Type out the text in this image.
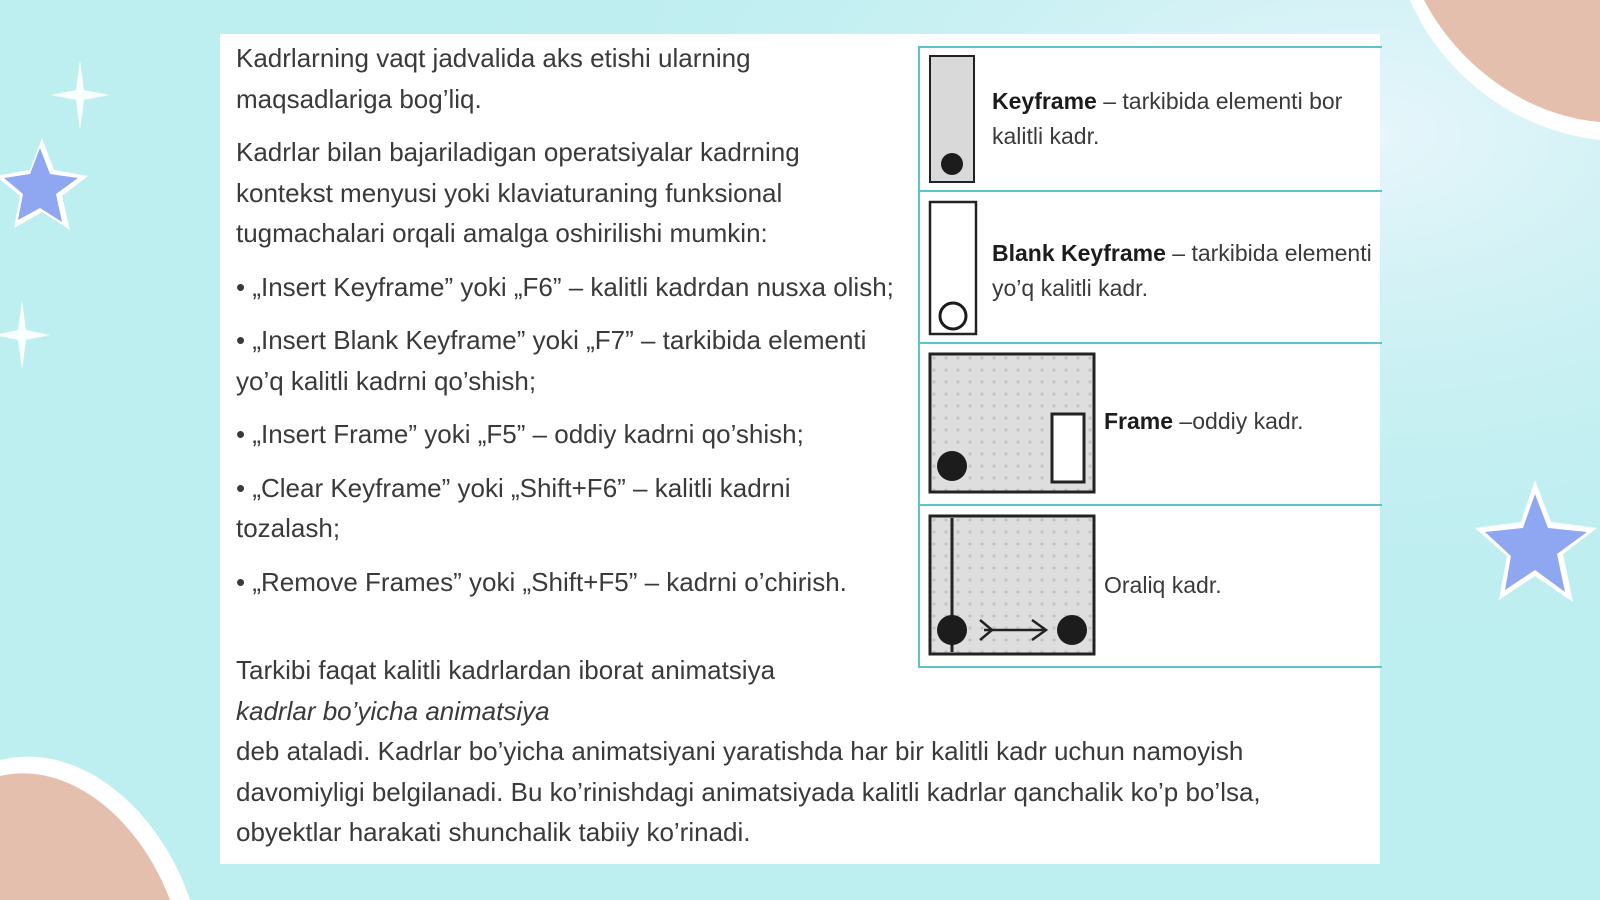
Kadrlarning vaqt jadvalida aks etishi ularning maqsadlariga bog’liq.

Kadrlar bilan bajariladigan operatsiyalar kadrning kontekst menyusi yoki klaviaturaning funksional tugmachalari orqali amalga oshirilishi mumkin:

• „Insert Keyframe” yoki „F6” – kalitli kadrdan nusxa olish;

• „Insert Blank Keyframe” yoki „F7” – tarkibida elementi yo’q kalitli kadrni qo’shish;

• „Insert Frame” yoki „F5” – oddiy kadrni qo’shish;

• „Clear Keyframe” yoki „Shift+F6” – kalitli kadrni tozalash;

• „Remove Frames” yoki „Shift+F5” – kadrni o’chirish.

Tarkibi faqat kalitli kadrlardan iborat animatsiya kadrlar bo’yicha animatsiya
deb ataladi. Kadrlar bo’yicha animatsiyani yaratishda har bir kalitli kadr uchun namoyish davomiyligi belgilanadi. Bu ko’rinishdagi animatsiyada kalitli kadrlar qanchalik ko’p bo’lsa, obyektlar harakati shunchalik tabiiy ko’rinadi.

Keyframe – tarkibida elementi bor kalitli kadr.
Blank Keyframe – tarkibida elementi yo’q kalitli kadr.
Frame –oddiy kadr.
Oraliq kadr.
